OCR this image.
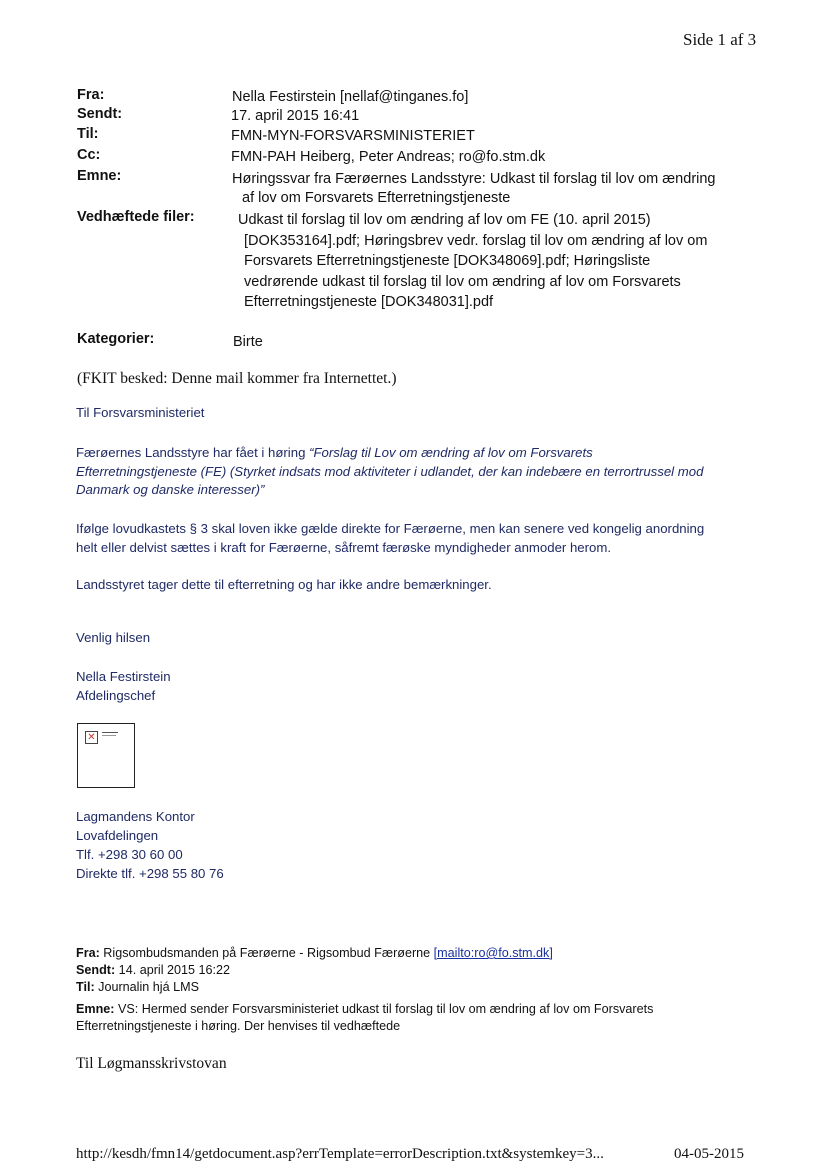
Side 1 af 3
Fra:	Nella Festirstein [nellaf@tinganes.fo]
Sendt:	17. april 2015 16:41
Til:	FMN-MYN-FORSVARSMINISTERIET
Cc:	FMN-PAH Heiberg, Peter Andreas; ro@fo.stm.dk
Emne:	Høringssvar fra Færøernes Landsstyre: Udkast til forslag til lov om ændring
af lov om Forsvarets Efterretningstjeneste
Vedhæftede filer:	Udkast til forslag til lov om ændring af lov om FE (10. april 2015)
[DOK353164].pdf; Høringsbrev vedr. forslag til lov om ændring af lov om
Forsvarets Efterretningstjeneste [DOK348069].pdf; Høringsliste
vedrørende udkast til forslag til lov om ændring af lov om Forsvarets
Efterretningstjeneste [DOK348031].pdf
Kategorier:	Birte
(FKIT besked: Denne mail kommer fra Internettet.)
Til Forsvarsministeriet
Færøernes Landsstyre har fået i høring “Forslag til Lov om ændring af lov om Forsvarets
Efterretningstjeneste (FE) (Styrket indsats mod aktiviteter i udlandet, der kan indebære en terrortrussel mod
Danmark og danske interesser)”
Ifølge lovudkastets § 3 skal loven ikke gælde direkte for Færøerne, men kan senere ved kongelig anordning
helt eller delvist sættes i kraft for Færøerne, såfremt færøske myndigheder anmoder herom.
Landsstyret tager dette til efterretning og har ikke andre bemærkninger.
Venlig hilsen
Nella Festirstein
Afdelingschef
✕
Lagmandens Kontor
Lovafdelingen
Tlf. +298 30 60 00
Direkte tlf. +298 55 80 76
Fra: Rigsombudsmanden på Færøerne - Rigsombud Færøerne [mailto:ro@fo.stm.dk]
Sendt: 14. april 2015 16:22
Til: Journalin hjá LMS
Emne: VS: Hermed sender Forsvarsministeriet udkast til forslag til lov om ændring af lov om Forsvarets
Efterretningstjeneste i høring. Der henvises til vedhæftede
Til Løgmansskrivstovan
http://kesdh/fmn14/getdocument.asp?errTemplate=errorDescription.txt&systemkey=3...	04-05-2015
